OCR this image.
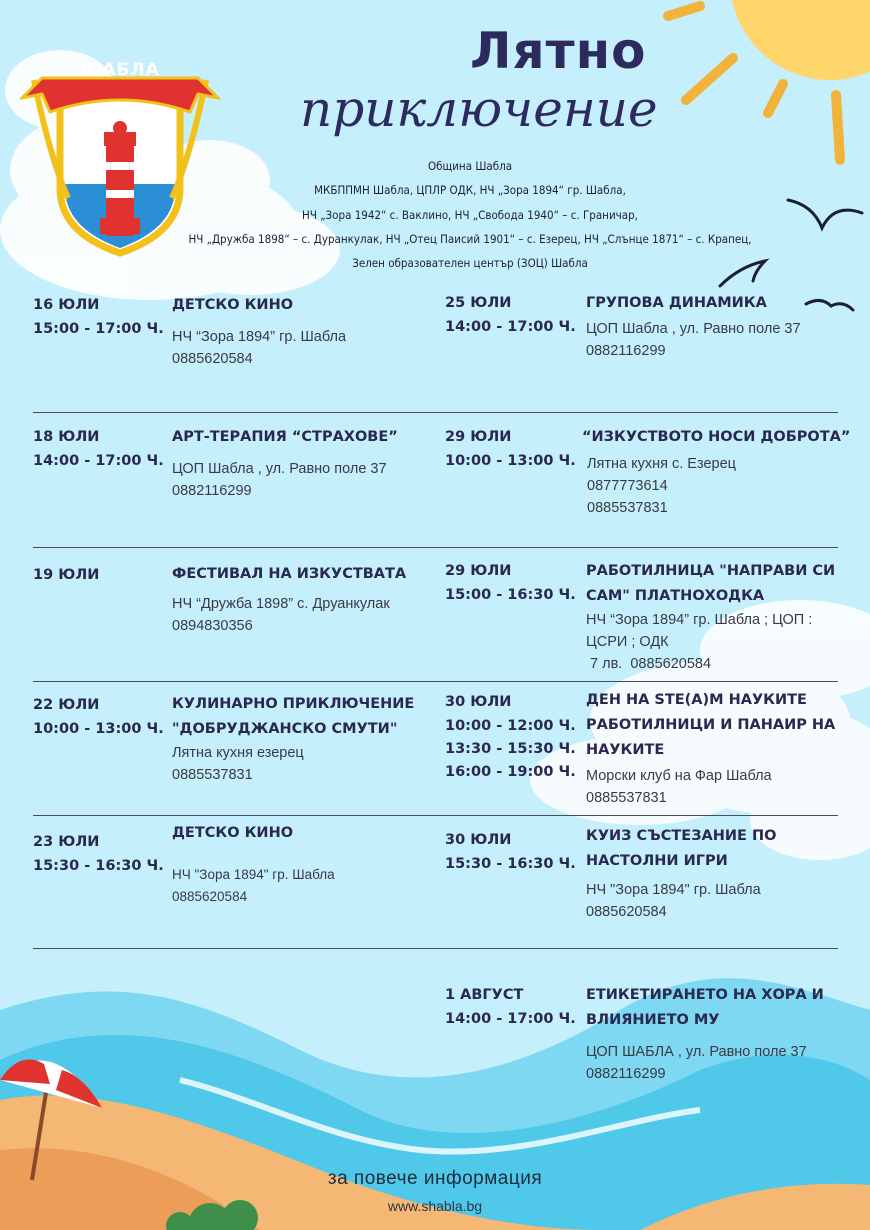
ШАБЛА	Лятно
приключение
Община Шабла
МКБППМН Шабла, ЦПЛР ОДК, НЧ „Зора 1894“ гр. Шабла,
НЧ „Зора 1942“ с. Ваклино, НЧ „Свобода 1940“ – с. Граничар,
НЧ „Дружба 1898“ – с. Дуранкулак, НЧ „Отец Паисий 1901“ – с. Езерец, НЧ „Слънце 1871“ – с. Крапец,
Зелен образователен център (ЗОЦ) Шабла
16 ЮЛИ
15:00 - 17:00 Ч.
ДЕТСКО КИНО
НЧ “Зора 1894” гр. Шабла
0885620584
25 ЮЛИ
14:00 - 17:00 Ч.
ГРУПОВА ДИНАМИКА
ЦОП Шабла , ул. Равно поле 37
0882116299
18 ЮЛИ
14:00 - 17:00 Ч.
АРТ-ТЕРАПИЯ “СТРАХОВЕ”
ЦОП Шабла , ул. Равно поле 37
0882116299
29 ЮЛИ
10:00 - 13:00 Ч.
“ИЗКУСТВОТО НОСИ ДОБРОТА”
Лятна кухня с. Езерец
0877773614
0885537831
19 ЮЛИ	ФЕСТИВАЛ НА ИЗКУСТВАТА
НЧ “Дружба 1898” с. Друанкулак
0894830356
29 ЮЛИ
15:00 - 16:30 Ч.
РАБОТИЛНИЦА "НАПРАВИ СИ
САМ" ПЛАТНОХОДКА
НЧ “Зора 1894” гр. Шабла ; ЦОП :
ЦСРИ ; ОДК
7 лв.  0885620584
22 ЮЛИ
10:00 - 13:00 Ч.
КУЛИНАРНО ПРИКЛЮЧЕНИЕ
"ДОБРУДЖАНСКО СМУТИ"
Лятна кухня езерец
0885537831
30 ЮЛИ
10:00 - 12:00 Ч.
13:30 - 15:30 Ч.
16:00 - 19:00 Ч.
ДЕН НА STE(A)M НАУКИТЕ
РАБОТИЛНИЦИ И ПАНАИР НА
НАУКИТЕ
Морски клуб на Фар Шабла
0885537831
23 ЮЛИ
15:30 - 16:30 Ч.
ДЕТСКО КИНО
НЧ "Зора 1894" гр. Шабла
0885620584
30 ЮЛИ
15:30 - 16:30 Ч.
КУИЗ СЪСТЕЗАНИЕ ПО
НАСТОЛНИ ИГРИ
НЧ "Зора 1894" гр. Шабла
0885620584
1 АВГУСТ
14:00 - 17:00 Ч.
ЕТИКЕТИРАНЕТО НА ХОРА И
ВЛИЯНИЕТО МУ
ЦОП ШАБЛА , ул. Равно поле 37
0882116299
за повече информация
www.shabla.bg
